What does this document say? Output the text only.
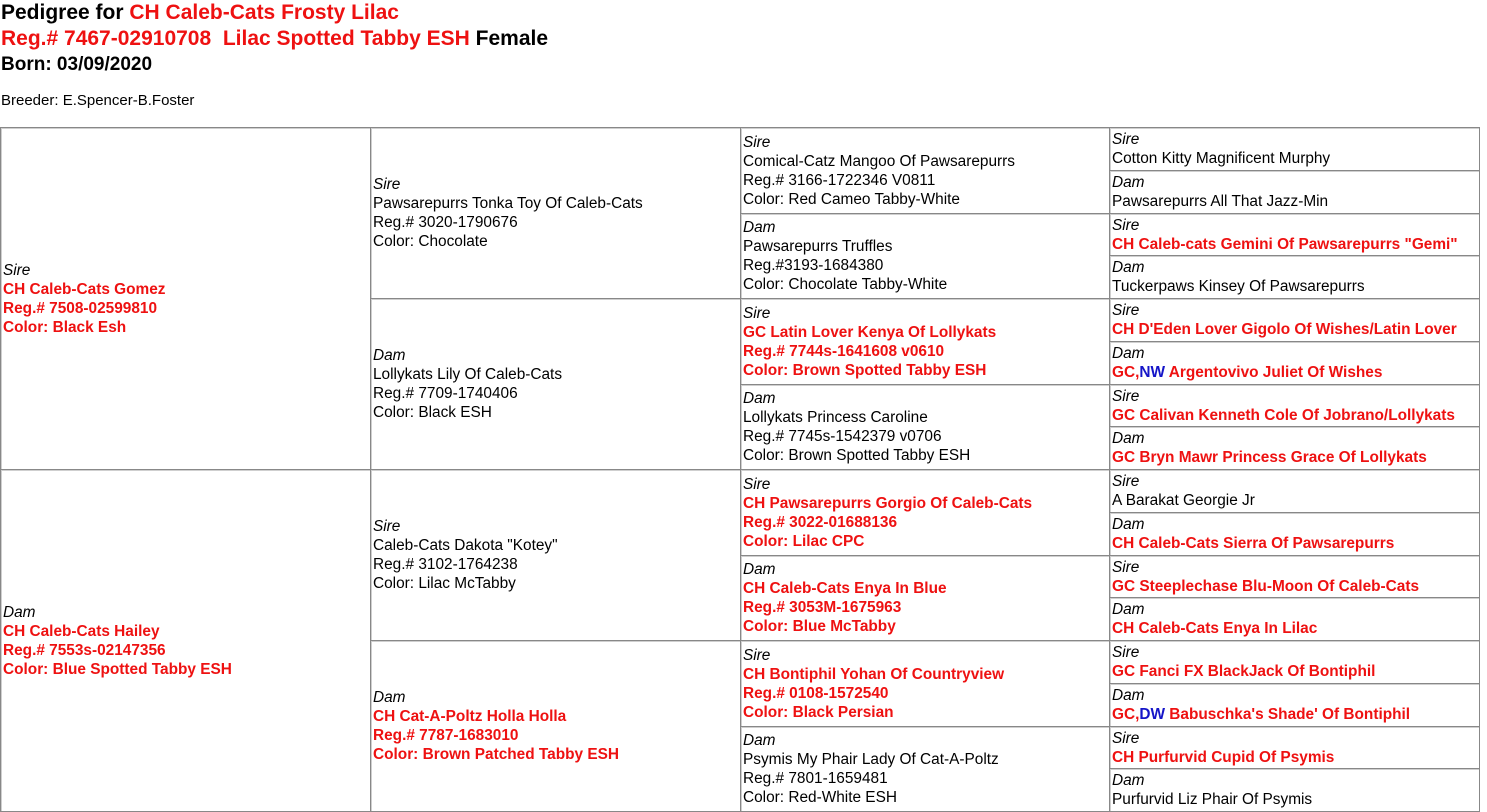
Pedigree for CH Caleb-Cats Frosty Lilac
Reg.# 7467-02910708  Lilac Spotted Tabby ESH Female
Born: 03/09/2020
Breeder: E.Spencer-B.Foster
Sire
CH Caleb-Cats Gomez
Reg.# 7508-02599810
Color: Black Esh	Sire
Pawsarepurrs Tonka Toy Of Caleb-Cats
Reg.# 3020-1790676
Color: Chocolate	Sire
Comical-Catz Mangoo Of Pawsarepurrs
Reg.# 3166-1722346 V0811
Color: Red Cameo Tabby-White	Sire
Cotton Kitty Magnificent Murphy

			Dam
Pawsarepurrs All That Jazz-Min

		Dam
Pawsarepurrs Truffles
Reg.#3193-1684380
Color: Chocolate Tabby-White	Sire
CH Caleb-cats Gemini Of Pawsarepurrs "Gemi"

			Dam
Tuckerpaws Kinsey Of Pawsarepurrs

	Dam
Lollykats Lily Of Caleb-Cats
Reg.# 7709-1740406
Color: Black ESH	Sire
GC Latin Lover Kenya Of Lollykats
Reg.# 7744s-1641608 v0610
Color: Brown Spotted Tabby ESH	Sire
CH D'Eden Lover Gigolo Of Wishes/Latin Lover

			Dam
GC,NW Argentovivo Juliet Of Wishes

		Dam
Lollykats Princess Caroline
Reg.# 7745s-1542379 v0706
Color: Brown Spotted Tabby ESH	Sire
GC Calivan Kenneth Cole Of Jobrano/Lollykats

			Dam
GC Bryn Mawr Princess Grace Of Lollykats

Dam
CH Caleb-Cats Hailey
Reg.# 7553s-02147356
Color: Blue Spotted Tabby ESH	Sire
Caleb-Cats Dakota "Kotey"
Reg.# 3102-1764238
Color: Lilac McTabby	Sire
CH Pawsarepurrs Gorgio Of Caleb-Cats
Reg.# 3022-01688136
Color: Lilac CPC	Sire
A Barakat Georgie Jr

			Dam
CH Caleb-Cats Sierra Of Pawsarepurrs

		Dam
CH Caleb-Cats Enya In Blue
Reg.# 3053M-1675963
Color: Blue McTabby	Sire
GC Steeplechase Blu-Moon Of Caleb-Cats

			Dam
CH Caleb-Cats Enya In Lilac

	Dam
CH Cat-A-Poltz Holla Holla
Reg.# 7787-1683010
Color: Brown Patched Tabby ESH	Sire
CH Bontiphil Yohan Of Countryview
Reg.# 0108-1572540
Color: Black Persian	Sire
GC Fanci FX BlackJack Of Bontiphil

			Dam
GC,DW Babuschka's Shade' Of Bontiphil

		Dam
Psymis My Phair Lady Of Cat-A-Poltz
Reg.# 7801-1659481
Color: Red-White ESH	Sire
CH Purfurvid Cupid Of Psymis

			Dam
Purfurvid Liz Phair Of Psymis
